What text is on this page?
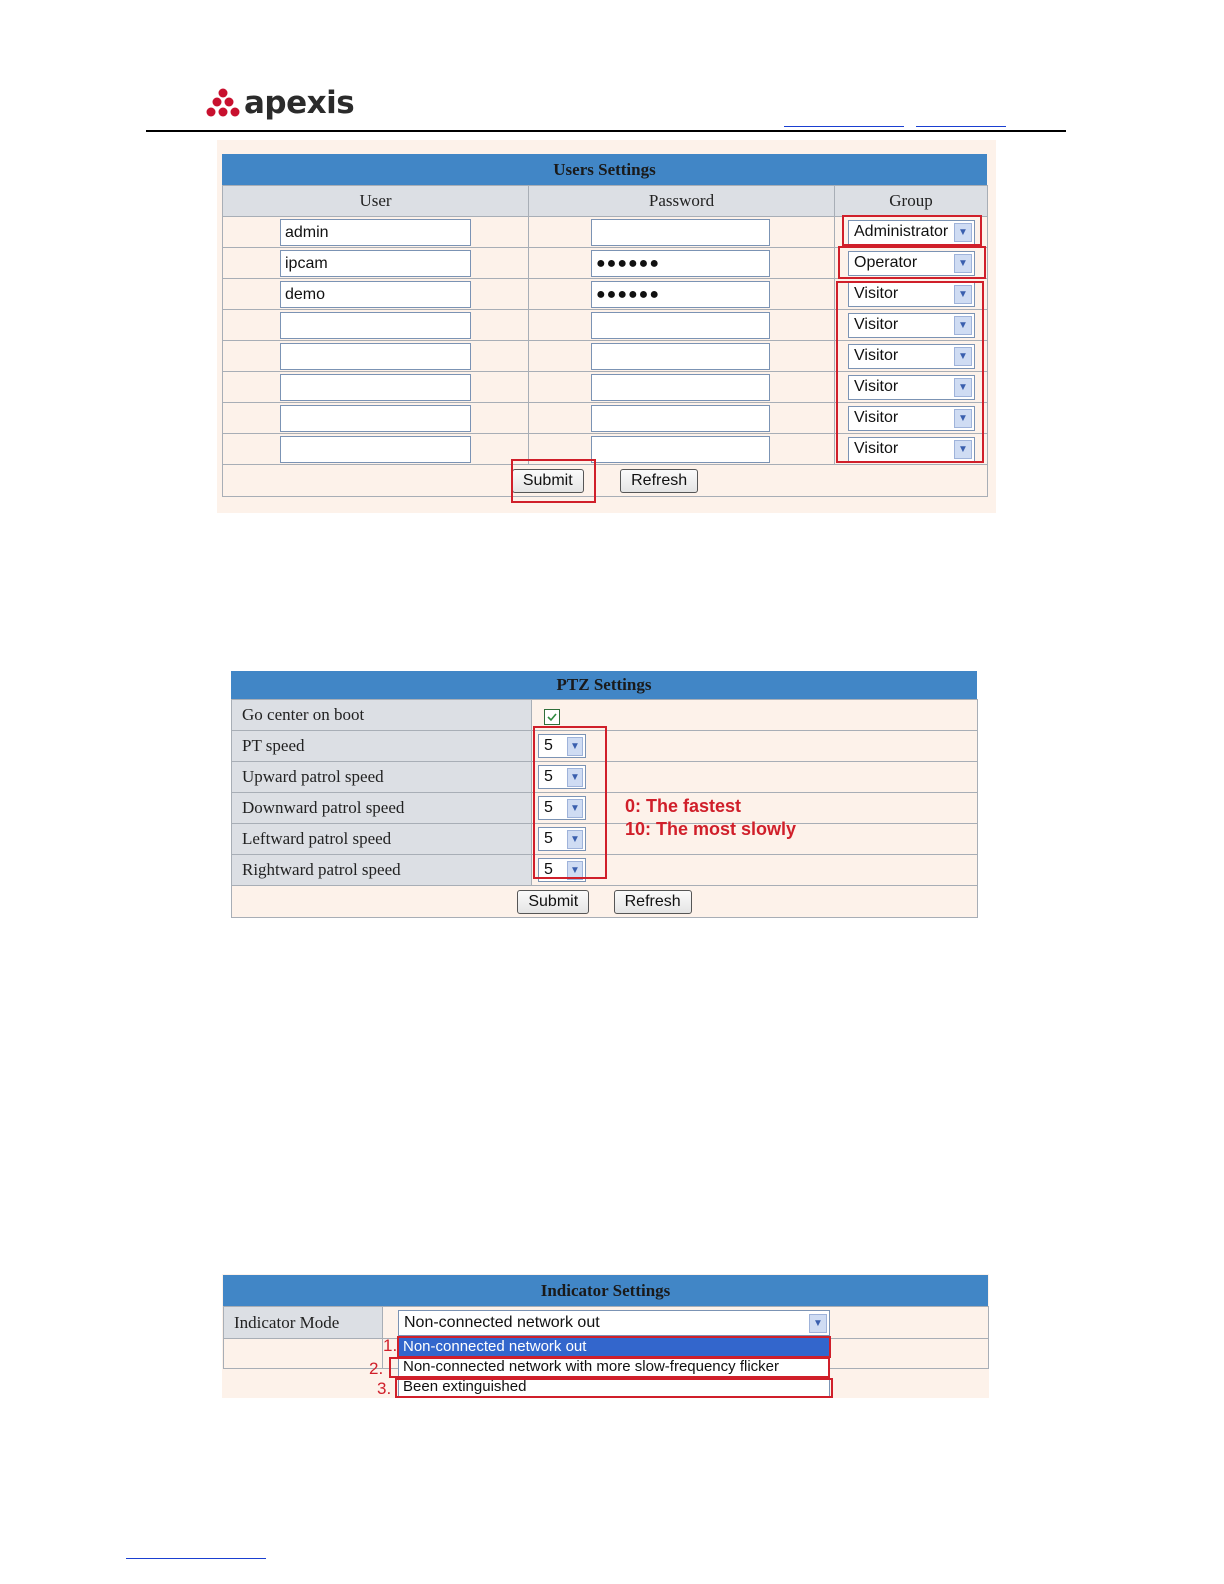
apexis
Users Settings
User	Password	Group

admin		Administrator ▼

ipcam	●●●●●●	Operator ▼

demo	●●●●●●	Visitor ▼

		Visitor ▼

		Visitor ▼

		Visitor ▼

		Visitor ▼

		Visitor ▼

Submit Refresh		
PTZ Settings
Go center on boot	

PT speed	5 ▼

Upward patrol speed	5 ▼

Downward patrol speed	5 ▼

Leftward patrol speed	5 ▼

Rightward patrol speed	5 ▼

Submit Refresh	
0: The fastest
10: The most slowly
Indicator Settings
Indicator Mode	Non-connected network out ▼

Non-connected network out
Non-connected network with more slow-frequency flicker
Been extinguished
1.
2.
3.
